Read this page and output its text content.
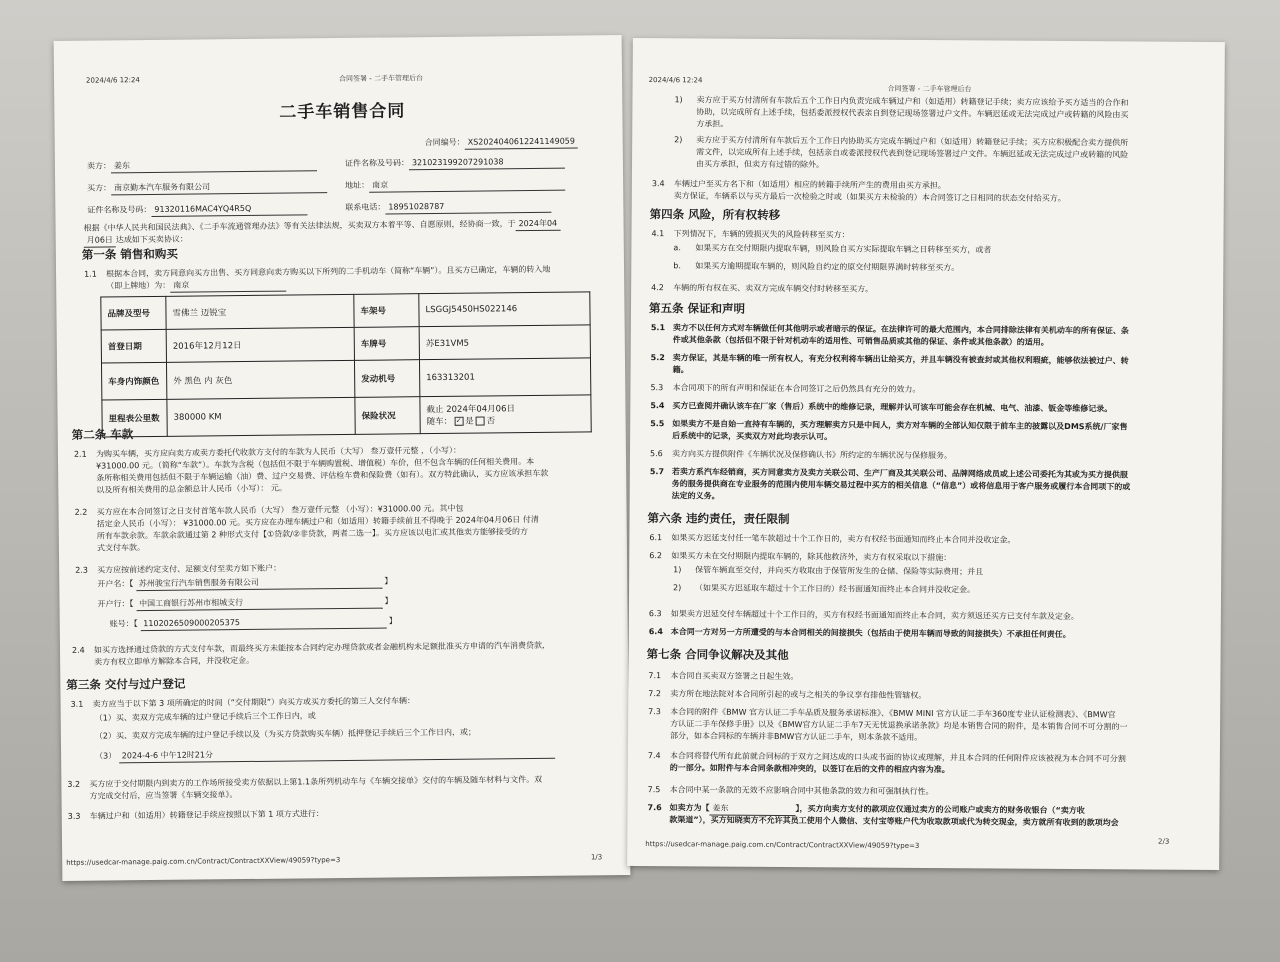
2024/4/6 12:24	合同签署 - 二手车管理后台
二手车销售合同
合同编号： XS2024040612241149059
卖方： 姜东	证件名称及号码： 321023199207291038
买方： 南京勤本汽车服务有限公司	地址： 南京
证件名称及号码： 91320116MAC4YQ4R5Q	联系电话： 18951028787
根据《中华人民共和国民法典》、《二手车流通管理办法》等有关法律法规，买卖双方本着平等、自愿原则，经协商一致，于 2024年04
月06日 达成如下买卖协议：
第一条 销售和购买
1.1 根据本合同，卖方同意向买方出售、买方同意向卖方购买以下所列的二手机动车（简称“车辆”）。且买方已确定，车辆的转入地
（即上牌地）为： 南京
品牌及型号	雪佛兰 迈锐宝	车架号	LSGGJ5450HS022146
首登日期	2016年12月12日	车牌号	苏E31VM5
车身内饰颜色	外 黑色 内 灰色	发动机号	163313201
里程表公里数	380000 KM	保险状况	截止 2024年04月06日
随车： ✓ 是 否
第二条 车款
2.1 为购买车辆，买方应向卖方或卖方委托代收款方支付的车款为人民币（大写） 叁万壹仟元整 ，（小写）：
¥31000.00 元。（简称“车款”）。车款为含税（包括但不限于车辆购置税、增值税）车价，但不包含车辆的任何相关费用。本
条所称相关费用包括但不限于车辆运输（油）费、过户交易费、评估检车费和保险费（如有）。双方特此确认，买方应该承担车款
以及所有相关费用的总金额总计人民币（小写）： 元。
2.2 买方应在本合同签订之日支付首笔车款人民币（大写） 叁万壹仟元整 （小写）：¥31000.00 元。其中包
括定金人民币（小写）： ¥31000.00 元。买方应在办理车辆过户和（如适用）转籍手续前且不得晚于 2024年04月06日 付清
所有车款余款。车款余款通过第 2 种形式支付【①贷款/②非贷款，两者二选一】。买方应该以电汇或其他卖方能够接受的方
式支付车款。
2.3 买方应按前述约定支付、足额支付至卖方如下账户：
开户名：【 苏州骏宝行汽车销售服务有限公司	】
开户行：【 中国工商银行苏州市相城支行	】
账号：【 1102026509000205375	】
2.4 如买方选择通过贷款的方式支付车款，而最终买方未能按本合同约定办理贷款或者金融机构未足额批准买方申请的汽车消费贷款，
卖方有权立即单方解除本合同，并没收定金。
第三条 交付与过户登记
3.1 卖方应当于以下第 3 项所确定的时间（“交付期限”）向买方或买方委托的第三人交付车辆：
（1）买、卖双方完成车辆的过户登记手续后三个工作日内，或
（2）买、卖双方完成车辆的过户登记手续以及（为买方贷款购买车辆）抵押登记手续后三个工作日内，或；
（3） 2024-4-6 中午12时21分
3.2 买方应于交付期限内到卖方的工作场所接受卖方依据以上第1.1条所列机动车与《车辆交接单》交付的车辆及随车材料与文件。双
方完成交付后，应当签署《车辆交接单》。
3.3 车辆过户和（如适用）转籍登记手续应按照以下第 1 项方式进行：
https://usedcar-manage.paig.com.cn/Contract/ContractXXView/49059?type=3	1/3
2024/4/6 12:24
合同签署 - 二手车管理后台
1) 卖方应于买方付清所有车款后五个工作日内负责完成车辆过户和（如适用）转籍登记手续；卖方应该给予买方适当的合作和
协助，以完成所有上述手续，包括委派授权代表亲自到登记现场签署过户文件。车辆迟延或无法完成过户或转籍的风险由买
方承担。
2) 卖方应于买方付清所有车款后五个工作日内协助买方完成车辆过户和（如适用）转籍登记手续；买方应积极配合卖方提供所
需文件，以完成所有上述手续，包括亲自或委派授权代表到登记现场签署过户文件。车辆迟延或无法完成过户或转籍的风险
由买方承担，但卖方有过错的除外。
3.4 车辆过户至买方名下和（如适用）相应的转籍手续所产生的费用由买方承担。
卖方保证，车辆系以与买方最后一次检验之时或（如果买方未检验的）本合同签订之日相同的状态交付给买方。
第四条 风险，所有权转移
4.1 下列情况下，车辆的毁损灭失的风险转移至买方：
a. 如果买方在交付期限内提取车辆，则风险自买方实际提取车辆之日转移至买方，或者
b. 如果买方逾期提取车辆的，则风险自约定的原交付期限界满时转移至买方。
4.2 车辆的所有权在买、卖双方完成车辆交付时转移至买方。
第五条 保证和声明
5.1 卖方不以任何方式对车辆做任何其他明示或者暗示的保证。在法律许可的最大范围内，本合同排除法律有关机动车的所有保证、条
件或其他条款（包括但不限于针对机动车的适用性、可销售品质或其他的保证、条件或其他条款）的适用。
5.2 卖方保证，其是车辆的唯一所有权人，有充分权利将车辆出让给买方，并且车辆没有被查封或其他权利瑕疵，能够依法被过户、转
籍。
5.3 本合同项下的所有声明和保证在本合同签订之后仍然具有充分的效力。
5.4 买方已查阅并确认该车在厂家（售后）系统中的维修记录，理解并认可该车可能会存在机械、电气、油漆、钣金等维修记录。
5.5 如果卖方不是自始一直持有车辆的，买方理解卖方只是中间人，卖方对车辆的全部认知仅限于前车主的披露以及DMS系统/厂家售
后系统中的记录，买卖双方对此均表示认可。
5.6 卖方向买方提供附件《车辆状况及保修确认书》所约定的车辆状况与保修服务。
5.7 若卖方系汽车经销商，买方同意卖方及卖方关联公司、生产厂商及其关联公司、品牌网络成员或上述公司委托为其或为买方提供服
务的服务提供商在专业服务的范围内使用车辆交易过程中买方的相关信息（“信息”）或将信息用于客户服务或履行本合同项下的或
法定的义务。
第六条 违约责任，责任限制
6.1 如果买方迟延支付任一笔车款超过十个工作日的，卖方有权经书面通知而终止本合同并没收定金。
6.2 如果买方未在交付期限内提取车辆的，除其他救济外，卖方有权采取以下措施：
1) 保管车辆直至交付，并向买方收取由于保管所发生的仓储、保险等实际费用；并且
2) （如果买方迟延取车超过十个工作日的）经书面通知而终止本合同并没收定金。
6.3 如果卖方迟延交付车辆超过十个工作日的，买方有权经书面通知而终止本合同，卖方须返还买方已支付车款及定金。
6.4 本合同一方对另一方所遭受的与本合同相关的间接损失（包括由于使用车辆而导致的间接损失）不承担任何责任。
第七条 合同争议解决及其他
7.1 本合同自买卖双方签署之日起生效。
7.2 卖方所在地法院对本合同所引起的或与之相关的争议享有排他性管辖权。
7.3 本合同的附件《BMW 官方认证二手车品质及服务承诺标准》、《BMW MINI 官方认证二手车360度专业认证检测表》、《BMW官
方认证二手车保修手册》以及《BMW官方认证二手车7天无忧退换承诺条款》均是本销售合同的附件，是本销售合同不可分割的一
部分，如本合同标的车辆并非BMW官方认证二手车，则本条款不适用。
7.4 本合同将替代所有此前就合同标的于双方之间达成的口头或书面的协议或理解，并且本合同的任何附件应该被视为本合同不可分割
的一部分。如附件与本合同条款相冲突的，以签订在后的文件的相应内容为准。
7.5 本合同中某一条款的无效不应影响合同中其他条款的效力和可强制执行性。
7.6 如卖方为【 姜东	】，买方向卖方支付的款项应仅通过卖方的公司账户或卖方的财务收银台（“卖方收
款渠道”），买方知晓卖方不允许其员工使用个人微信、支付宝等账户代为收取款项或代为转交现金，卖方就所有收到的款项均会
https://usedcar-manage.paig.com.cn/Contract/ContractXXView/49059?type=3	2/3
